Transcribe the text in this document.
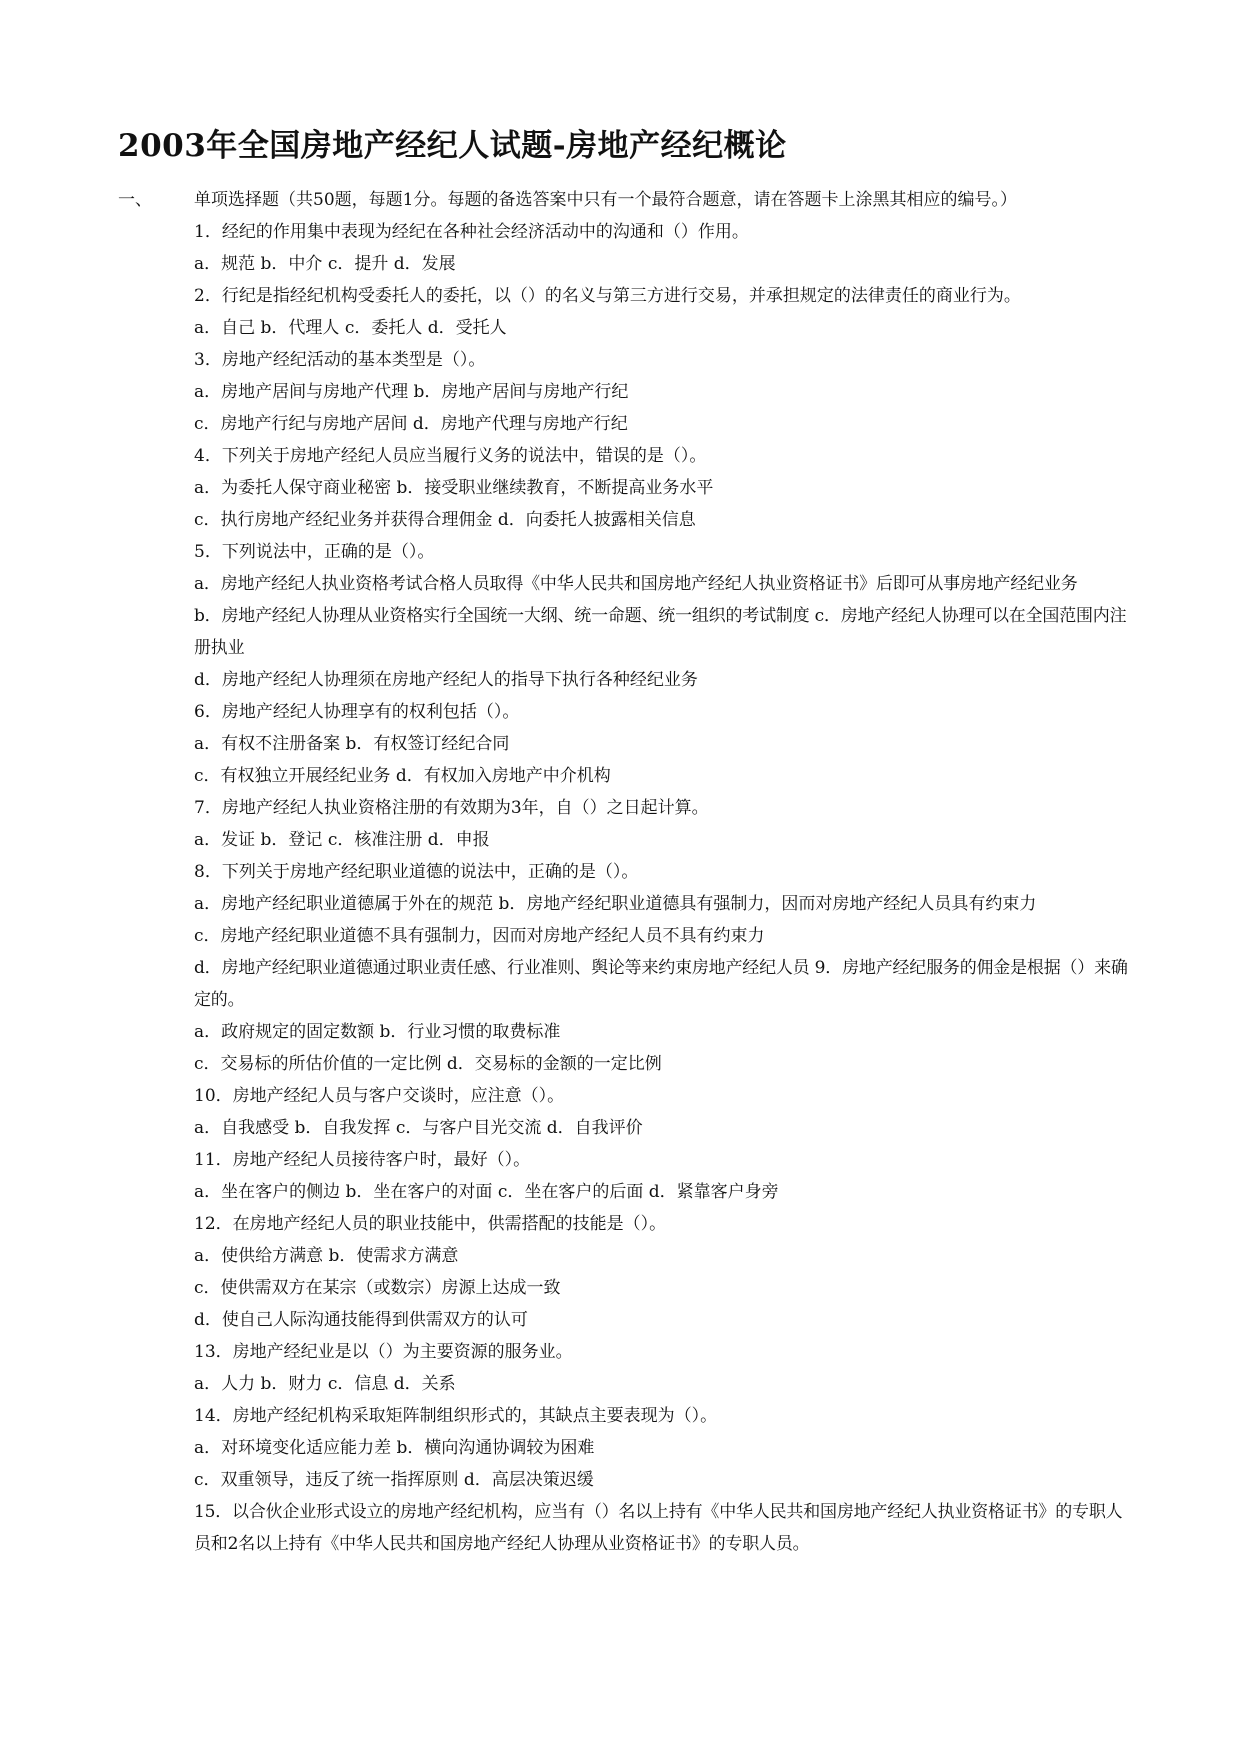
2003年全国房地产经纪人试题-房地产经纪概论
一、 单项选择题（共50题，每题1分。每题的备选答案中只有一个最符合题意，请在答题卡上涂黑其相应的编号。）

1．经纪的作用集中表现为经纪在各种社会经济活动中的沟通和（）作用。

a．规范 b．中介 c．提升 d．发展

2．行纪是指经纪机构受委托人的委托，以（）的名义与第三方进行交易，并承担规定的法律责任的商业行为。

a．自己 b．代理人 c．委托人 d．受托人

3．房地产经纪活动的基本类型是（）。

a．房地产居间与房地产代理 b．房地产居间与房地产行纪

c．房地产行纪与房地产居间 d．房地产代理与房地产行纪

4．下列关于房地产经纪人员应当履行义务的说法中，错误的是（）。

a．为委托人保守商业秘密 b．接受职业继续教育，不断提高业务水平

c．执行房地产经纪业务并获得合理佣金 d．向委托人披露相关信息

5．下列说法中，正确的是（）。

a．房地产经纪人执业资格考试合格人员取得《中华人民共和国房地产经纪人执业资格证书》后即可从事房地产经纪业务

b．房地产经纪人协理从业资格实行全国统一大纲、统一命题、统一组织的考试制度 c．房地产经纪人协理可以在全国范围内注册执业

d．房地产经纪人协理须在房地产经纪人的指导下执行各种经纪业务

6．房地产经纪人协理享有的权利包括（）。

a．有权不注册备案 b．有权签订经纪合同

c．有权独立开展经纪业务 d．有权加入房地产中介机构

7．房地产经纪人执业资格注册的有效期为3年，自（）之日起计算。

a．发证 b．登记 c．核准注册 d．申报

8．下列关于房地产经纪职业道德的说法中，正确的是（）。

a．房地产经纪职业道德属于外在的规范 b．房地产经纪职业道德具有强制力，因而对房地产经纪人员具有约束力

c．房地产经纪职业道德不具有强制力，因而对房地产经纪人员不具有约束力

d．房地产经纪职业道德通过职业责任感、行业准则、舆论等来约束房地产经纪人员 9．房地产经纪服务的佣金是根据（）来确定的。

a．政府规定的固定数额 b．行业习惯的取费标准

c．交易标的所估价值的一定比例 d．交易标的金额的一定比例

10．房地产经纪人员与客户交谈时，应注意（）。

a．自我感受 b．自我发挥 c．与客户目光交流 d．自我评价

11．房地产经纪人员接待客户时，最好（）。

a．坐在客户的侧边 b．坐在客户的对面 c．坐在客户的后面 d．紧靠客户身旁

12．在房地产经纪人员的职业技能中，供需搭配的技能是（）。

a．使供给方满意 b．使需求方满意

c．使供需双方在某宗（或数宗）房源上达成一致

d．使自己人际沟通技能得到供需双方的认可

13．房地产经纪业是以（）为主要资源的服务业。

a．人力 b．财力 c．信息 d．关系

14．房地产经纪机构采取矩阵制组织形式的，其缺点主要表现为（）。

a．对环境变化适应能力差 b．横向沟通协调较为困难

c．双重领导，违反了统一指挥原则 d．高层决策迟缓

15．以合伙企业形式设立的房地产经纪机构，应当有（）名以上持有《中华人民共和国房地产经纪人执业资格证书》的专职人员和2名以上持有《中华人民共和国房地产经纪人协理从业资格证书》的专职人员。
